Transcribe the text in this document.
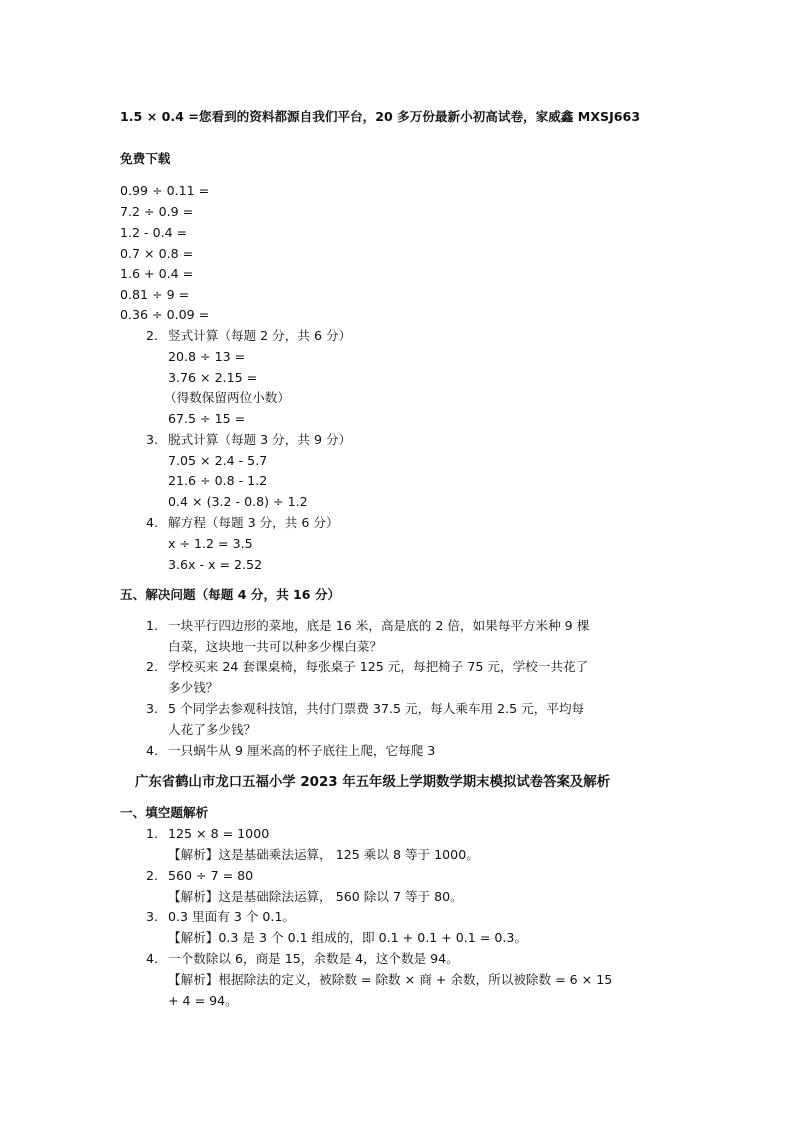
1.5 × 0.4 =您看到的资料都源自我们平台，20 多万份最新小初高试卷，家威鑫 MXSJ663
免费下载
0.99 ÷ 0.11 =
7.2 ÷ 0.9 =
1.2 - 0.4 =
0.7 × 0.8 =
1.6 + 0.4 =
0.81 ÷ 9 =
0.36 ÷ 0.09 =
2. 竖式计算（每题 2 分，共 6 分）
20.8 ÷ 13 =
3.76 × 2.15 =
（得数保留两位小数）
67.5 ÷ 15 =
3. 脱式计算（每题 3 分，共 9 分）
7.05 × 2.4 - 5.7
21.6 ÷ 0.8 - 1.2
0.4 × (3.2 - 0.8) ÷ 1.2
4. 解方程（每题 3 分，共 6 分）
x ÷ 1.2 = 3.5
3.6x - x = 2.52
五、解决问题（每题 4 分，共 16 分）
1. 一块平行四边形的菜地，底是 16 米，高是底的 2 倍，如果每平方米种 9 棵
白菜，这块地一共可以种多少棵白菜？
2. 学校买来 24 套课桌椅，每张桌子 125 元，每把椅子 75 元，学校一共花了
多少钱？
3. 5 个同学去参观科技馆，共付门票费 37.5 元，每人乘车用 2.5 元，平均每
人花了多少钱？
4. 一只蜗牛从 9 厘米高的杯子底往上爬，它每爬 3
广东省鹤山市龙口五福小学 2023 年五年级上学期数学期末模拟试卷答案及解析
一、填空题解析
1. 125 × 8 = 1000
【解析】这是基础乘法运算， 125 乘以 8 等于 1000。
2. 560 ÷ 7 = 80
【解析】这是基础除法运算， 560 除以 7 等于 80。
3. 0.3 里面有 3 个 0.1。
【解析】0.3 是 3 个 0.1 组成的，即 0.1 + 0.1 + 0.1 = 0.3。
4. 一个数除以 6，商是 15，余数是 4，这个数是 94。
【解析】根据除法的定义，被除数 = 除数 × 商 + 余数，所以被除数 = 6 × 15
+ 4 = 94。
